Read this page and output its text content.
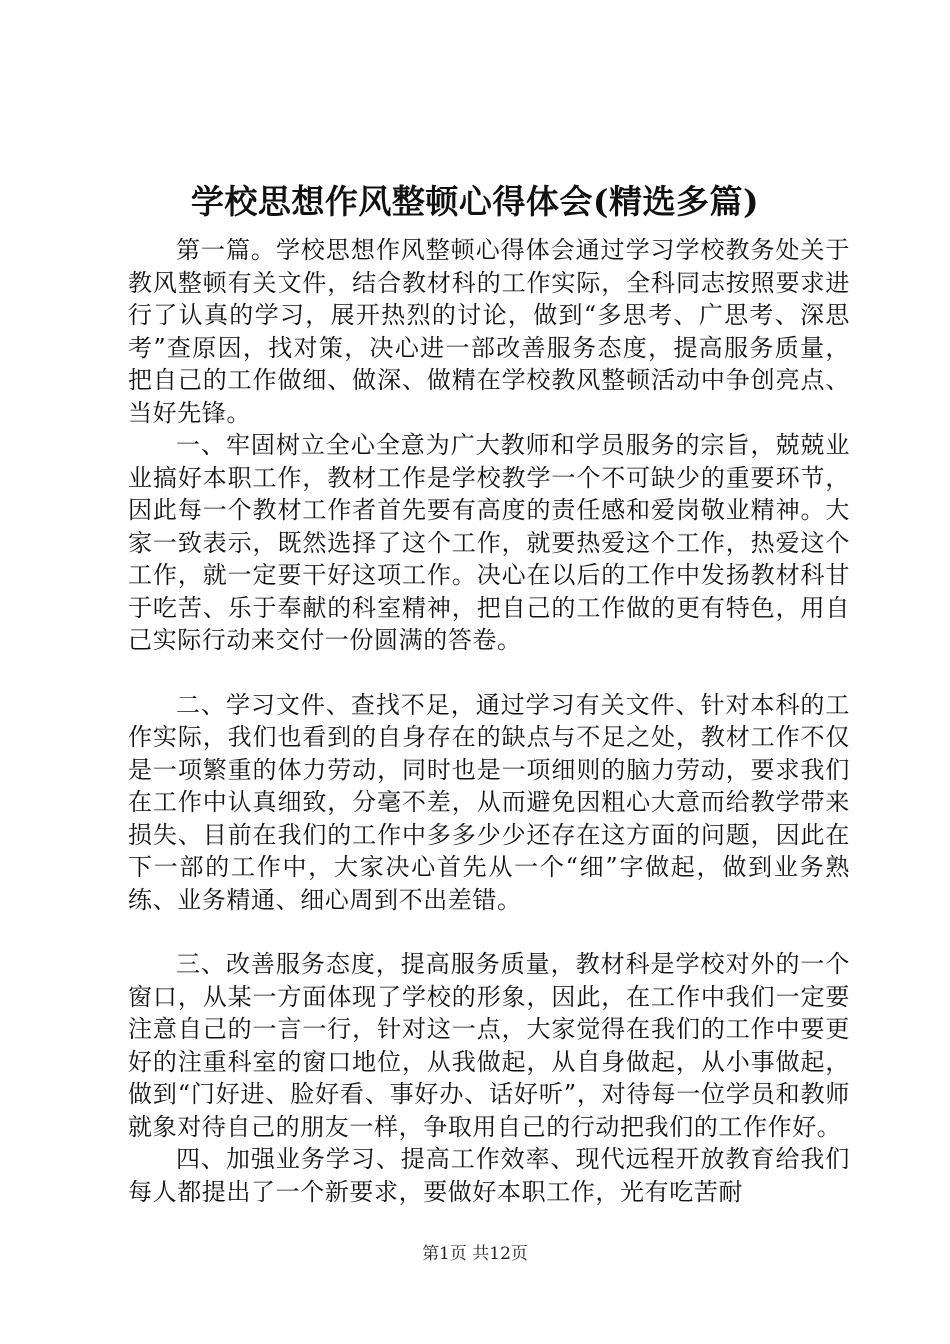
学校思想作风整顿心得体会(精选多篇)

第一篇。学校思想作风整顿心得体会通过学习学校教务处关于教风整顿有关文件，结合教材科的工作实际，全科同志按照要求进行了认真的学习，展开热烈的讨论，做到“多思考、广思考、深思考”查原因，找对策，决心进一部改善服务态度，提高服务质量，把自己的工作做细、做深、做精在学校教风整顿活动中争创亮点、当好先锋。

一、牢固树立全心全意为广大教师和学员服务的宗旨，兢兢业业搞好本职工作，教材工作是学校教学一个不可缺少的重要环节，因此每一个教材工作者首先要有高度的责任感和爱岗敬业精神。大家一致表示，既然选择了这个工作，就要热爱这个工作，热爱这个工作，就一定要干好这项工作。决心在以后的工作中发扬教材科甘于吃苦、乐于奉献的科室精神，把自己的工作做的更有特色，用自己实际行动来交付一份圆满的答卷。

二、学习文件、查找不足，通过学习有关文件、针对本科的工作实际，我们也看到的自身存在的缺点与不足之处，教材工作不仅是一项繁重的体力劳动，同时也是一项细则的脑力劳动，要求我们在工作中认真细致，分毫不差，从而避免因粗心大意而给教学带来损失、目前在我们的工作中多多少少还存在这方面的问题，因此在下一部的工作中，大家决心首先从一个“细”字做起，做到业务熟练、业务精通、细心周到不出差错。

三、改善服务态度，提高服务质量，教材科是学校对外的一个窗口，从某一方面体现了学校的形象，因此，在工作中我们一定要注意自己的一言一行，针对这一点，大家觉得在我们的工作中要更好的注重科室的窗口地位，从我做起，从自身做起，从小事做起，做到“门好进、脸好看、事好办、话好听”，对待每一位学员和教师就象对待自己的朋友一样，争取用自己的行动把我们的工作作好。

四、加强业务学习、提高工作效率、现代远程开放教育给我们每人都提出了一个新要求，要做好本职工作，光有吃苦耐

第1页 共12页
